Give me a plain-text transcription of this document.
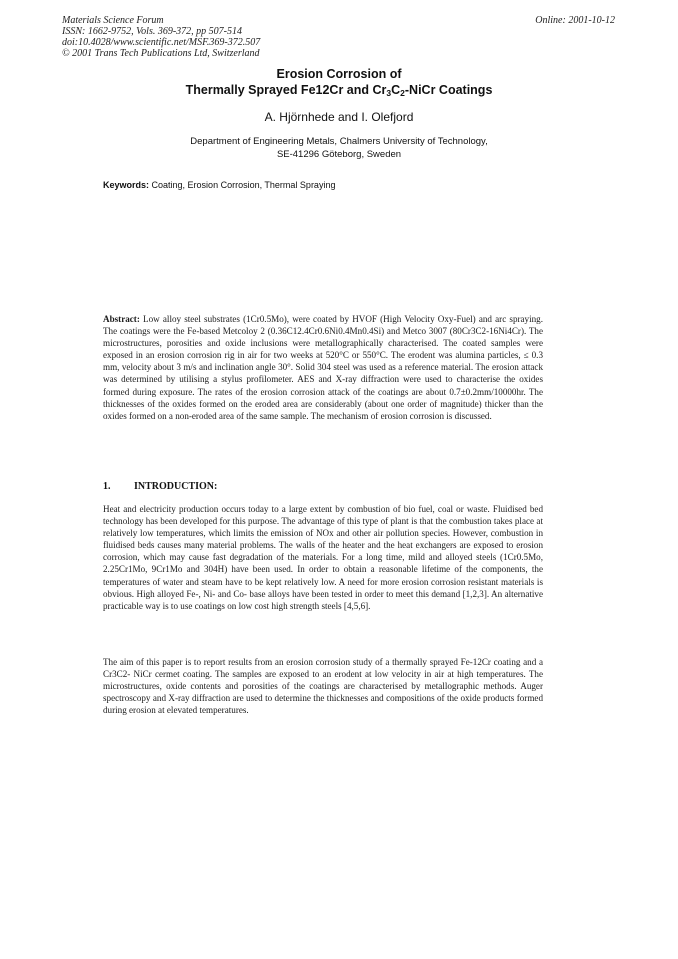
Materials Science Forum
ISSN: 1662-9752, Vols. 369-372, pp 507-514
doi:10.4028/www.scientific.net/MSF.369-372.507
© 2001 Trans Tech Publications Ltd, Switzerland
Online: 2001-10-12
Erosion Corrosion of
Thermally Sprayed Fe12Cr and $Cr_3C_2$-NiCr Coatings
A. Hjörnhede and I. Olefjord
Department of Engineering Metals, Chalmers University of Technology,
SE-41296 Göteborg, Sweden
Keywords: Coating, Erosion Corrosion, Thermal Spraying
Abstract: Low alloy steel substrates (1Cr0.5Mo), were coated by HVOF (High Velocity Oxy-Fuel) and arc spraying. The coatings were the Fe-based Metcoloy 2 (0.36C12.4Cr0.6Ni0.4Mn0.4Si) and Metco 3007 (80Cr3C2-16Ni4Cr). The microstructures, porosities and oxide inclusions were metallographically characterised. The coated samples were exposed in an erosion corrosion rig in air for two weeks at 520°C or 550°C. The erodent was alumina particles, ≤ 0.3 mm, velocity about 3 m/s and inclination angle 30°. Solid 304 steel was used as a reference material. The erosion attack was determined by utilising a stylus profilometer. AES and X-ray diffraction were used to characterise the oxides formed during exposure. The rates of the erosion corrosion attack of the coatings are about 0.7±0.2mm/10000hr. The thicknesses of the oxides formed on the eroded area are considerably (about one order of magnitude) thicker than the oxides formed on a non-eroded area of the same sample. The mechanism of erosion corrosion is discussed.
1. INTRODUCTION:
Heat and electricity production occurs today to a large extent by combustion of bio fuel, coal or waste. Fluidised bed technology has been developed for this purpose. The advantage of this type of plant is that the combustion takes place at relatively low temperatures, which limits the emission of NOx and other air pollution species. However, combustion in fluidised beds causes many material problems. The walls of the heater and the heat exchangers are exposed to erosion corrosion, which may cause fast degradation of the materials. For a long time, mild and alloyed steels (1Cr0.5Mo, 2.25Cr1Mo, 9Cr1Mo and 304H) have been used. In order to obtain a reasonable lifetime of the components, the temperatures of water and steam have to be kept relatively low. A need for more erosion corrosion resistant materials is obvious. High alloyed Fe-, Ni- and Co- base alloys have been tested in order to meet this demand [1,2,3]. An alternative practicable way is to use coatings on low cost high strength steels [4,5,6].
The aim of this paper is to report results from an erosion corrosion study of a thermally sprayed Fe-12Cr coating and a Cr3C2- NiCr cermet coating. The samples are exposed to an erodent at low velocity in air at high temperatures. The microstructures, oxide contents and porosities of the coatings are characterised by metallographic methods. Auger spectroscopy and X-ray diffraction are used to determine the thicknesses and compositions of the oxide products formed during erosion at elevated temperatures.
